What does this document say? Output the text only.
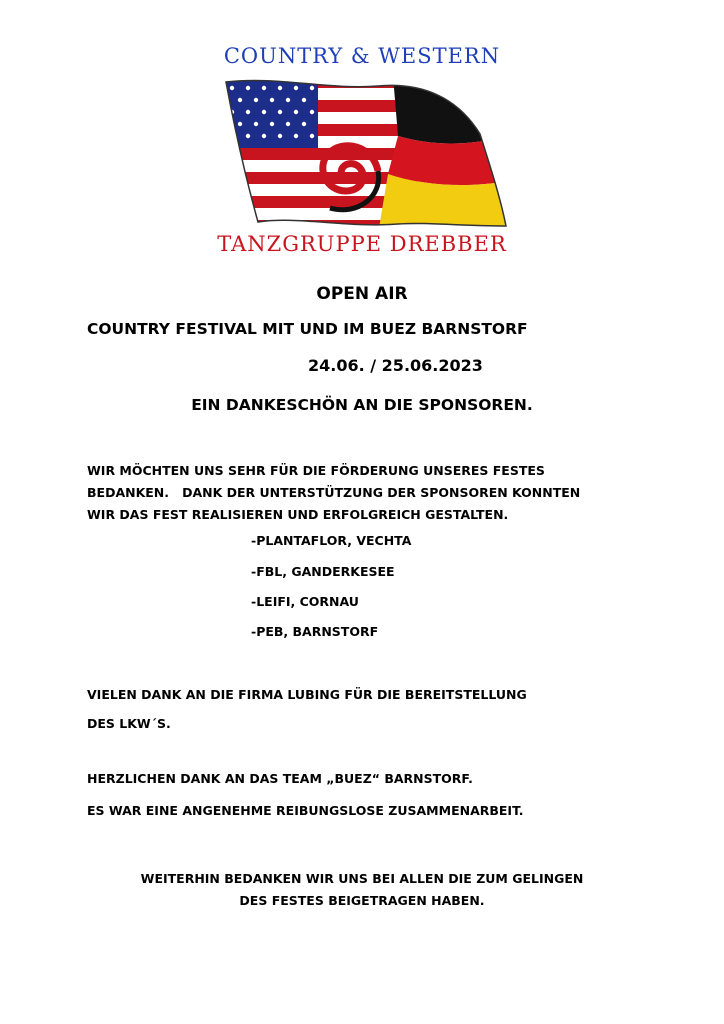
COUNTRY & WESTERN
TANZGRUPPE DREBBER
OPEN AIR
COUNTRY FESTIVAL MIT UND IM BUEZ BARNSTORF
24.06. / 25.06.2023
EIN DANKESCHÖN AN DIE SPONSOREN.
WIR MÖCHTEN UNS SEHR FÜR DIE FÖRDERUNG UNSERES FESTES
BEDANKEN.   DANK DER UNTERSTÜTZUNG DER SPONSOREN KONNTEN
WIR DAS FEST REALISIEREN UND ERFOLGREICH GESTALTEN.
-PLANTAFLOR, VECHTA
-FBL, GANDERKESEE
-LEIFI, CORNAU
-PEB, BARNSTORF
VIELEN DANK AN DIE FIRMA LUBING FÜR DIE BEREITSTELLUNG
DES LKW´S.
HERZLICHEN DANK AN DAS TEAM „BUEZ“ BARNSTORF.
ES WAR EINE ANGENEHME REIBUNGSLOSE ZUSAMMENARBEIT.
WEITERHIN BEDANKEN WIR UNS BEI ALLEN DIE ZUM GELINGEN
DES FESTES BEIGETRAGEN HABEN.
